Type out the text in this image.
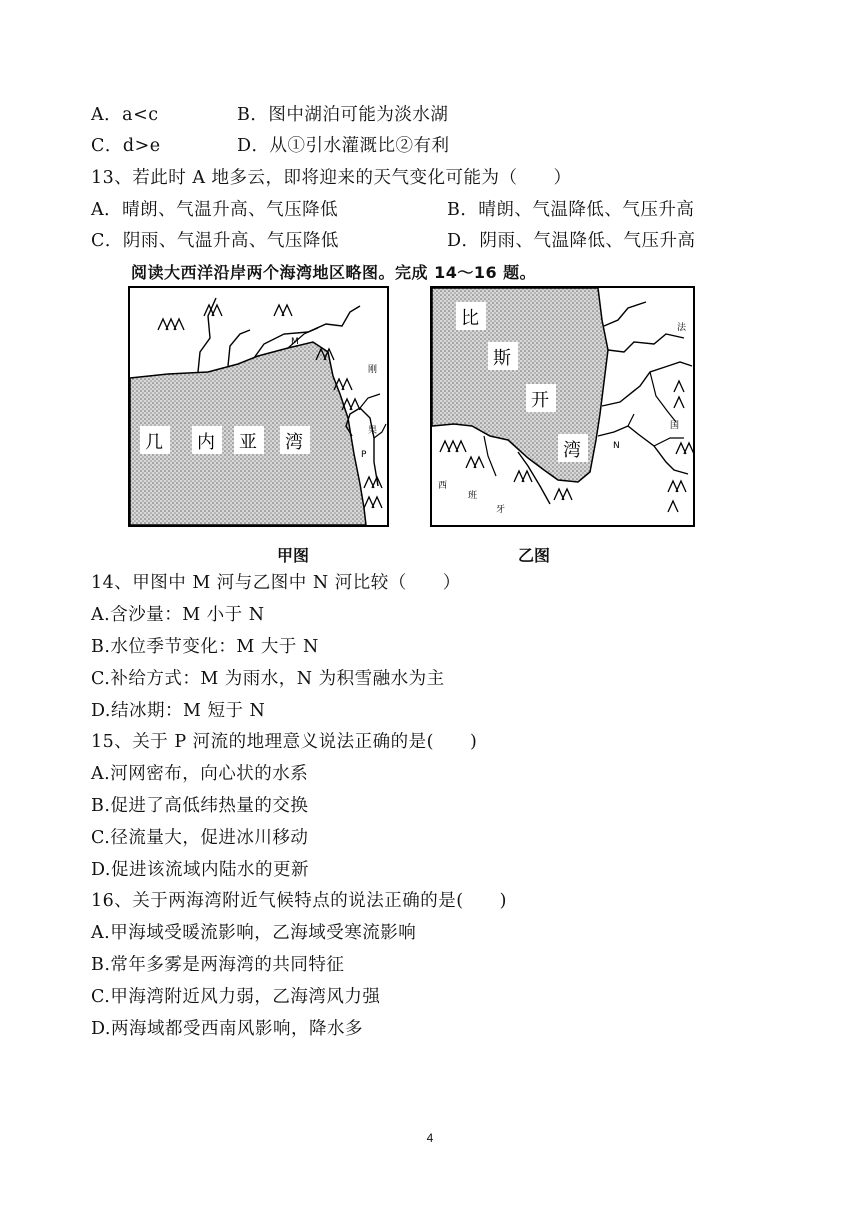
A．a<c	B．图中湖泊可能为淡水湖
C．d>e	D．从①引水灌溉比②有利
13、若此时 A 地多云，即将迎来的天气变化可能为（　　）
A．晴朗、气温升高、气压降低	B．晴朗、气温降低、气压升高
C．阴雨、气温升高、气压降低	D．阴雨、气温降低、气压升高
阅读大西洋沿岸两个海湾地区略图。完成 14～16 题。
几 内 亚 湾
M
P
刚
果
比
斯
开
湾	N
法
国
西
班
牙
甲图	乙图
14、甲图中 M 河与乙图中 N 河比较（　　）
A.含沙量：M 小于 N
B.水位季节变化：M 大于 N
C.补给方式：M 为雨水，N 为积雪融水为主
D.结冰期：M 短于 N
15、关于 P 河流的地理意义说法正确的是(　　)
A.河网密布，向心状的水系
B.促进了高低纬热量的交换
C.径流量大，促进冰川移动
D.促进该流域内陆水的更新
16、关于两海湾附近气候特点的说法正确的是(　　)
A.甲海域受暖流影响，乙海域受寒流影响
B.常年多雾是两海湾的共同特征
C.甲海湾附近风力弱，乙海湾风力强
D.两海域都受西南风影响，降水多
4
